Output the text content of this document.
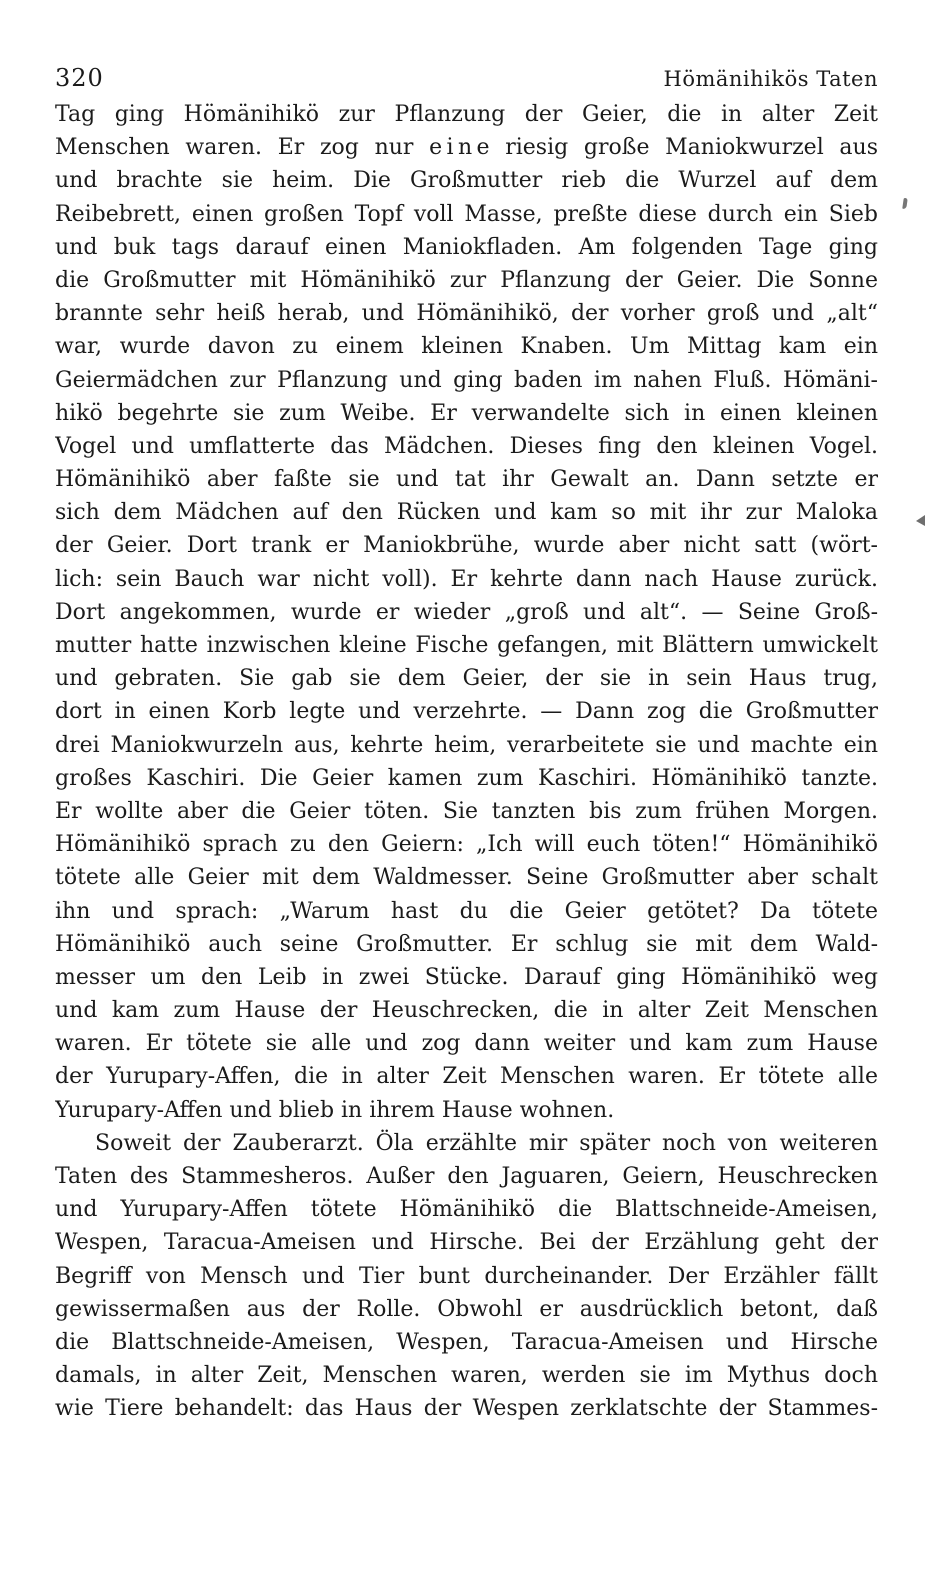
320	Hömänihikös Taten
Tag ging Hömänihikö zur Pflanzung der Geier, die in alter Zeit
Menschen waren. Er zog nur e i n e riesig große Maniokwurzel aus
und brachte sie heim. Die Großmutter rieb die Wurzel auf dem
Reibebrett, einen großen Topf voll Masse, preßte diese durch ein Sieb
und buk tags darauf einen Maniokfladen. Am folgenden Tage ging
die Großmutter mit Hömänihikö zur Pflanzung der Geier. Die Sonne
brannte sehr heiß herab, und Hömänihikö, der vorher groß und „alt“
war, wurde davon zu einem kleinen Knaben. Um Mittag kam ein
Geiermädchen zur Pflanzung und ging baden im nahen Fluß. Hömäni-
hikö begehrte sie zum Weibe. Er verwandelte sich in einen kleinen
Vogel und umflatterte das Mädchen. Dieses fing den kleinen Vogel.
Hömänihikö aber faßte sie und tat ihr Gewalt an. Dann setzte er
sich dem Mädchen auf den Rücken und kam so mit ihr zur Maloka
der Geier. Dort trank er Maniokbrühe, wurde aber nicht satt (wört-
lich: sein Bauch war nicht voll). Er kehrte dann nach Hause zurück.
Dort angekommen, wurde er wieder „groß und alt“. — Seine Groß-
mutter hatte inzwischen kleine Fische gefangen, mit Blättern umwickelt
und gebraten. Sie gab sie dem Geier, der sie in sein Haus trug,
dort in einen Korb legte und verzehrte. — Dann zog die Großmutter
drei Maniokwurzeln aus, kehrte heim, verarbeitete sie und machte ein
großes Kaschiri. Die Geier kamen zum Kaschiri. Hömänihikö tanzte.
Er wollte aber die Geier töten. Sie tanzten bis zum frühen Morgen.
Hömänihikö sprach zu den Geiern: „Ich will euch töten!“ Hömänihikö
tötete alle Geier mit dem Waldmesser. Seine Großmutter aber schalt
ihn und sprach: „Warum hast du die Geier getötet? Da tötete
Hömänihikö auch seine Großmutter. Er schlug sie mit dem Wald-
messer um den Leib in zwei Stücke. Darauf ging Hömänihikö weg
und kam zum Hause der Heuschrecken, die in alter Zeit Menschen
waren. Er tötete sie alle und zog dann weiter und kam zum Hause
der Yurupary-Affen, die in alter Zeit Menschen waren. Er tötete alle
Yurupary-Affen und blieb in ihrem Hause wohnen.
Soweit der Zauberarzt. Öla erzählte mir später noch von weiteren
Taten des Stammesheros. Außer den Jaguaren, Geiern, Heuschrecken
und Yurupary-Affen tötete Hömänihikö die Blattschneide-Ameisen,
Wespen, Taracua-Ameisen und Hirsche. Bei der Erzählung geht der
Begriff von Mensch und Tier bunt durcheinander. Der Erzähler fällt
gewissermaßen aus der Rolle. Obwohl er ausdrücklich betont, daß
die Blattschneide-Ameisen, Wespen, Taracua-Ameisen und Hirsche
damals, in alter Zeit, Menschen waren, werden sie im Mythus doch
wie Tiere behandelt: das Haus der Wespen zerklatschte der Stammes-
